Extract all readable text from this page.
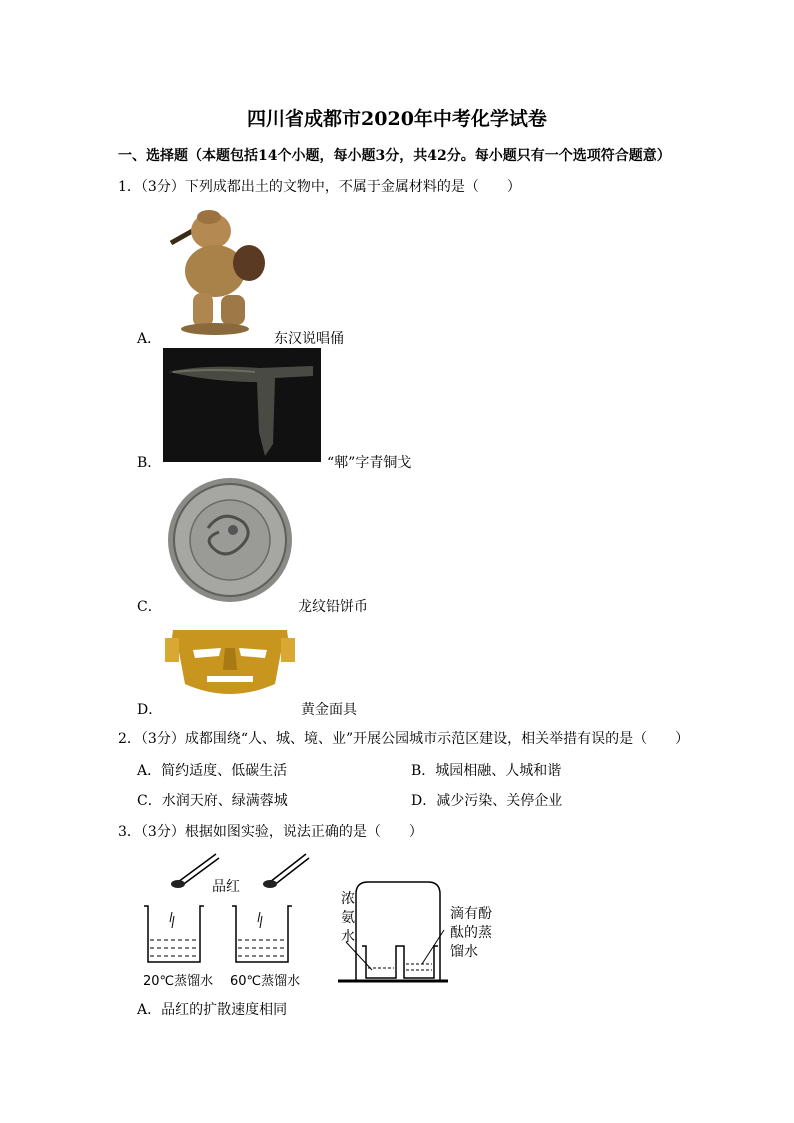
四川省成都市2020年中考化学试卷
一、选择题（本题包括14个小题，每小题3分，共42分。每小题只有一个选项符合题意）
1．（3分）下列成都出土的文物中，不属于金属材料的是（　　）
A．	东汉说唱俑
B．	“郫”字青铜戈
C．	龙纹铅饼币
D．	黄金面具
2．（3分）成都围绕“人、城、境、业”开展公园城市示范区建设，相关举措有误的是（　　）
A．简约适度、低碳生活	B．城园相融、人城和谐
C．水润天府、绿满蓉城	D．减少污染、关停企业
3．（3分）根据如图实验，说法正确的是（　　）
品红
20℃蒸馏水 60℃蒸馏水
浓
氨
水
滴有酚
酞的蒸
馏水
A．品红的扩散速度相同
